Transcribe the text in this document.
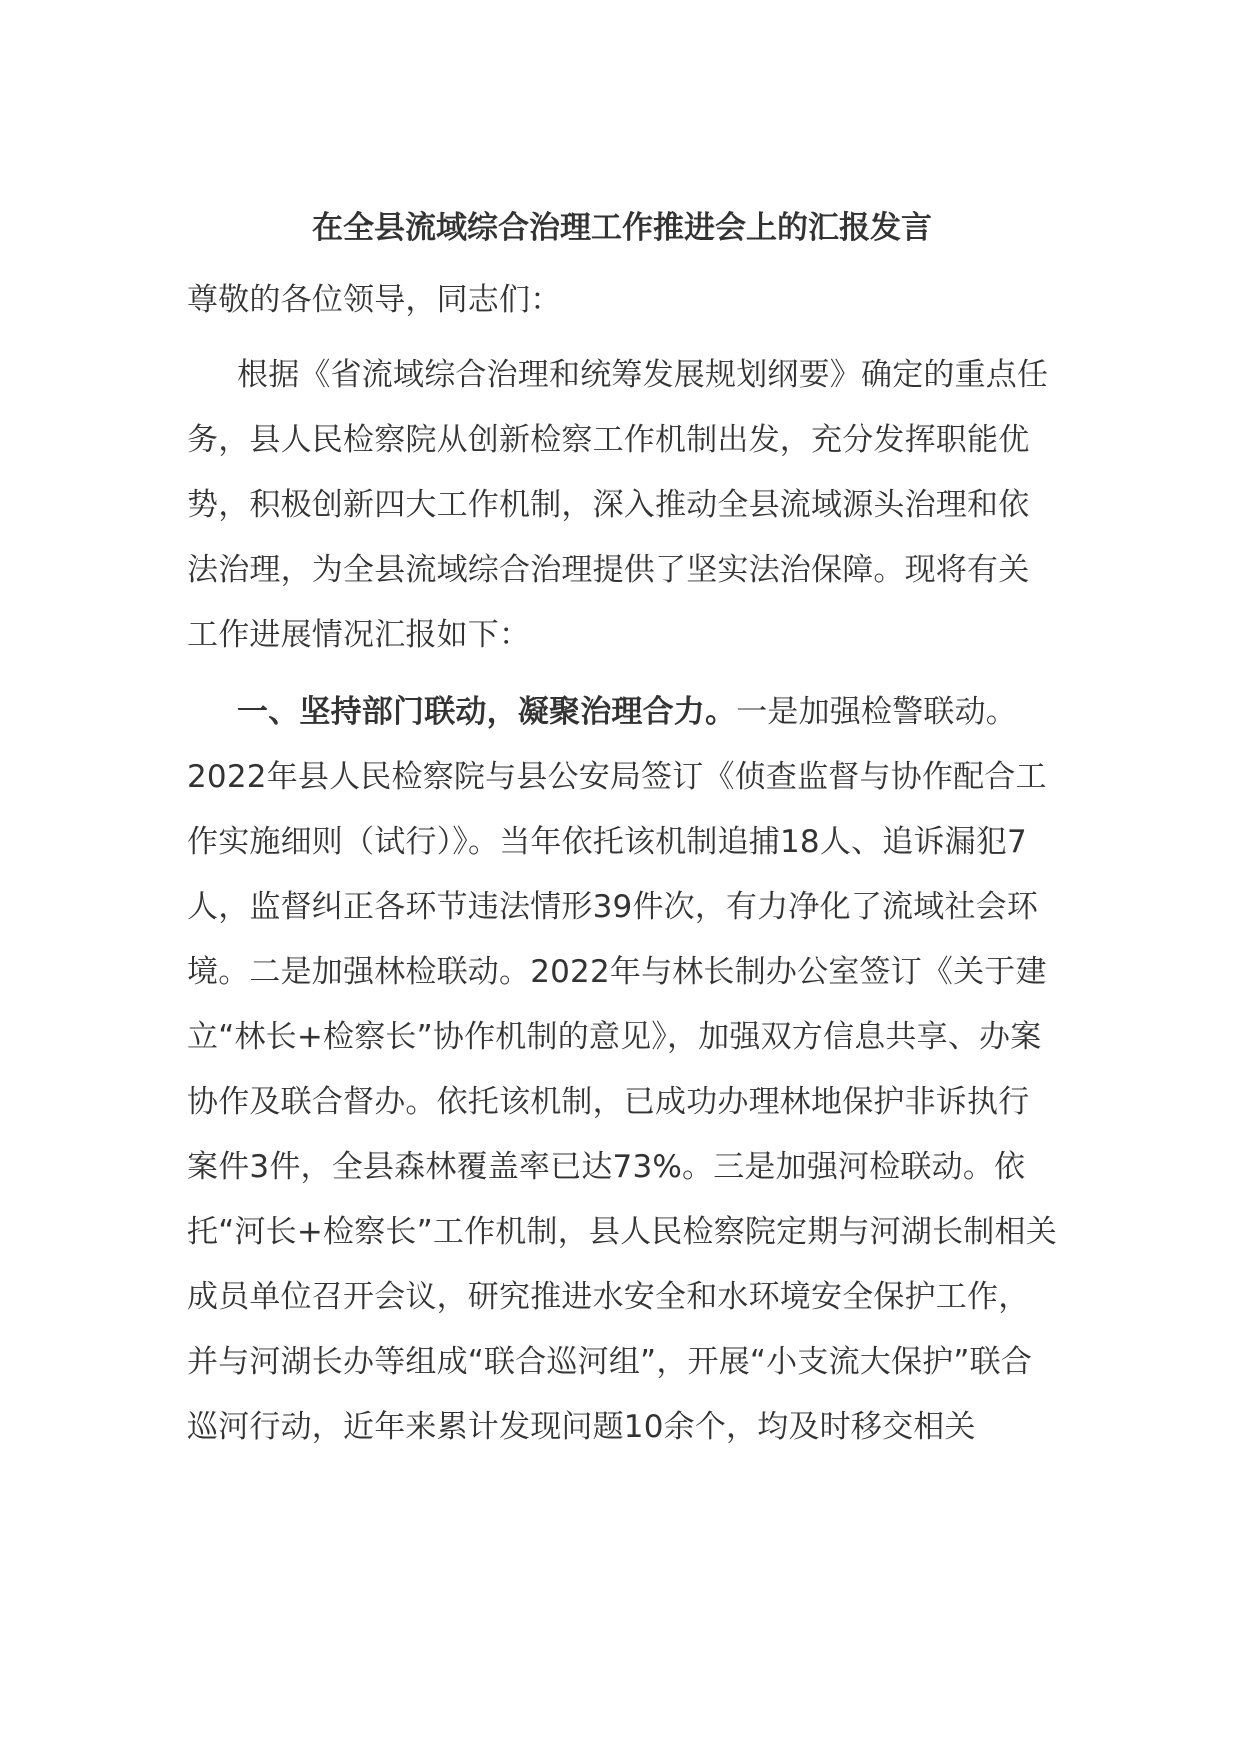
在全县流域综合治理工作推进会上的汇报发言

尊敬的各位领导，同志们：

根据《省流域综合治理和统筹发展规划纲要》确定的重点任务，县人民检察院从创新检察工作机制出发，充分发挥职能优势，积极创新四大工作机制，深入推动全县流域源头治理和依法治理，为全县流域综合治理提供了坚实法治保障。现将有关工作进展情况汇报如下：

一、坚持部门联动，凝聚治理合力。一是加强检警联动。2022年县人民检察院与县公安局签订《侦查监督与协作配合工作实施细则（试行）》。当年依托该机制追捕18人、追诉漏犯7人，监督纠正各环节违法情形39件次，有力净化了流域社会环境。二是加强林检联动。2022年与林长制办公室签订《关于建立“林长+检察长”协作机制的意见》，加强双方信息共享、办案协作及联合督办。依托该机制，已成功办理林地保护非诉执行案件3件，全县森林覆盖率已达73%。三是加强河检联动。依托“河长+检察长”工作机制，县人民检察院定期与河湖长制相关成员单位召开会议，研究推进水安全和水环境安全保护工作，并与河湖长办等组成“联合巡河组”，开展“小支流大保护”联合巡河行动，近年来累计发现问题10余个，均及时移交相关
